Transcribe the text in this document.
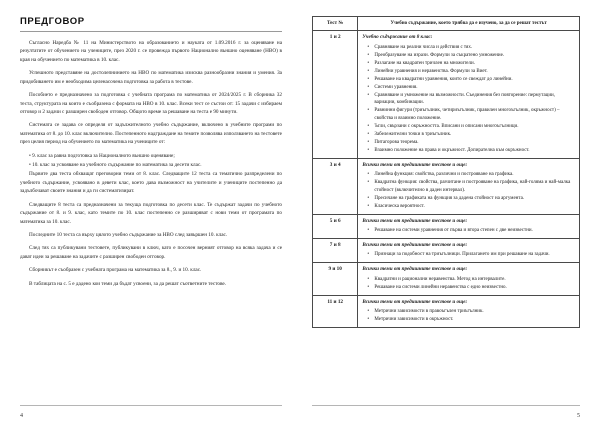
ПРЕДГОВОР

Съгласно Наредба № 11 на Министерството на образованието и науката от 1.09.2016 г. за оценяване на резултатите от обучението на учениците, през 2020 г. се провежда първото Национално външно оценяване (НВО) в края на обучението по математика в 10. клас.

Успешното представяне на достолепнинието на НВО по математика изисква разнообразни знания и умения. За придобиването им е необходима целенасочена подготовка за работа в тестове.

Пособието е предназначено за подготовка с учебната програма по математика от 2024/2025 г. В сборника 32 теста, структурата на които е съобразена с формата на НВО в 10. клас. Всеки тест се състои от: 15 задачи с избираем отговор и 2 задачи с разширен свободен отговор. Общото време за решаване на теста е 90 минути.

Системата се задава се определя от задължителното учебно съдържание, включено в учебните програми по математика от 8. до 10. клас включително. Постепенното надграждане на темите позволява използването на тестовете през целия период на обучението по математика на учениците от:

• 9. клас за равна подготовка за Националното външно оценяване;

• 10. клас за усвояване на учебното съдържание по математика за десети клас.

Първите два теста обхващат преговорни теми от 8. клас. Следващите 12 теста са тематично разпределени по учебното съдържание, усвоявано в девети клас, което дава възможност на учителите и учениците постепенно да задълбочават своите знания и да ги систематизират.

Следващите 8 теста са предназначени за текуща подготовка по десети клас. Те съдържат задачи по учебното съдържание от 8. и 9. клас, като темите по 10. клас постепенно се разширяват с нови теми от програмата по математика за 10. клас.

Последните 10 теста са върху цялото учебно съдържание за НВО след завършен 10. клас.

След тях са публикувани тестовете, публикувани в ключ, като е посочен верният отговор на всяка задача и се дават идеи за решаване на задачите с разширен свободен отговор.

Сборникът е съобразен с учебната програма на математика за 8., 9. и 10. клас.

В таблицата на с. 5 е дадено кои теми да бъдат усвоени, за да решат съответните тестове.

4
Тест №	Учебно съдържание, което трябва да е изучено, за да се решат тестът
1 и 2	Учебно съдържание от 8 клас:
• Сравняване на реални числа и действия с тях.
• Преобразуване на изрази. Формули за съкратено умножение.
• Разлагане на квадратен тричлен на множители.
• Линейни уравнения и неравенства. Формули за Виет.
• Решаване на квадратни уравнения, които се свеждат до линейни.
• Системи уравнения.
• Сравняване и умножение на възможности. Съединения без повторение: пермутации, вариации, комбинации.
• Равнинни фигури (триъгълник, четириъгълник, правилен многоъгълник, окръжност) – свойства и взаимно положение.
• Ъгли, свързани с окръжността. Вписани и описани многоъгълници.
• Забележителни точки в триъгълник.
• Питагорова теорема.
• Взаимно положение на права и окръжност. Допирателна към окръжност.

3 и 4	Всички теми от предишните тестове и още:
• Линейна функция: свойства, различни и построяване на графика.
• Квадратна функция: свойства, разчитане и построяване на графика, най-голяма и най-малка стойност (включително в даден интервал).
• Пресичане на графиката на функция за дадена стойност на аргумента.
• Класическа вероятност.

5 и 6	Всички теми от предишните тестове и още:
• Решаване на системи уравнения от първа и втора степен с две неизвестни.

7 и 8	Всички теми от предишните тестове и още:
• Признаци за подобност на триъгълници. Прилагането им при решаване на задачи.

9 и 10	Всички теми от предишните тестове и още:
• Квадратни и рационални неравенства. Метод на интервалите.
• Решаване на системи линейни неравенства с едно неизвестно.

11 и 12	Всички теми от предишните тестове и още:
• Метрични зависимости в правоъгълен триъгълник.
• Метрични зависимости в окръжност.
5
